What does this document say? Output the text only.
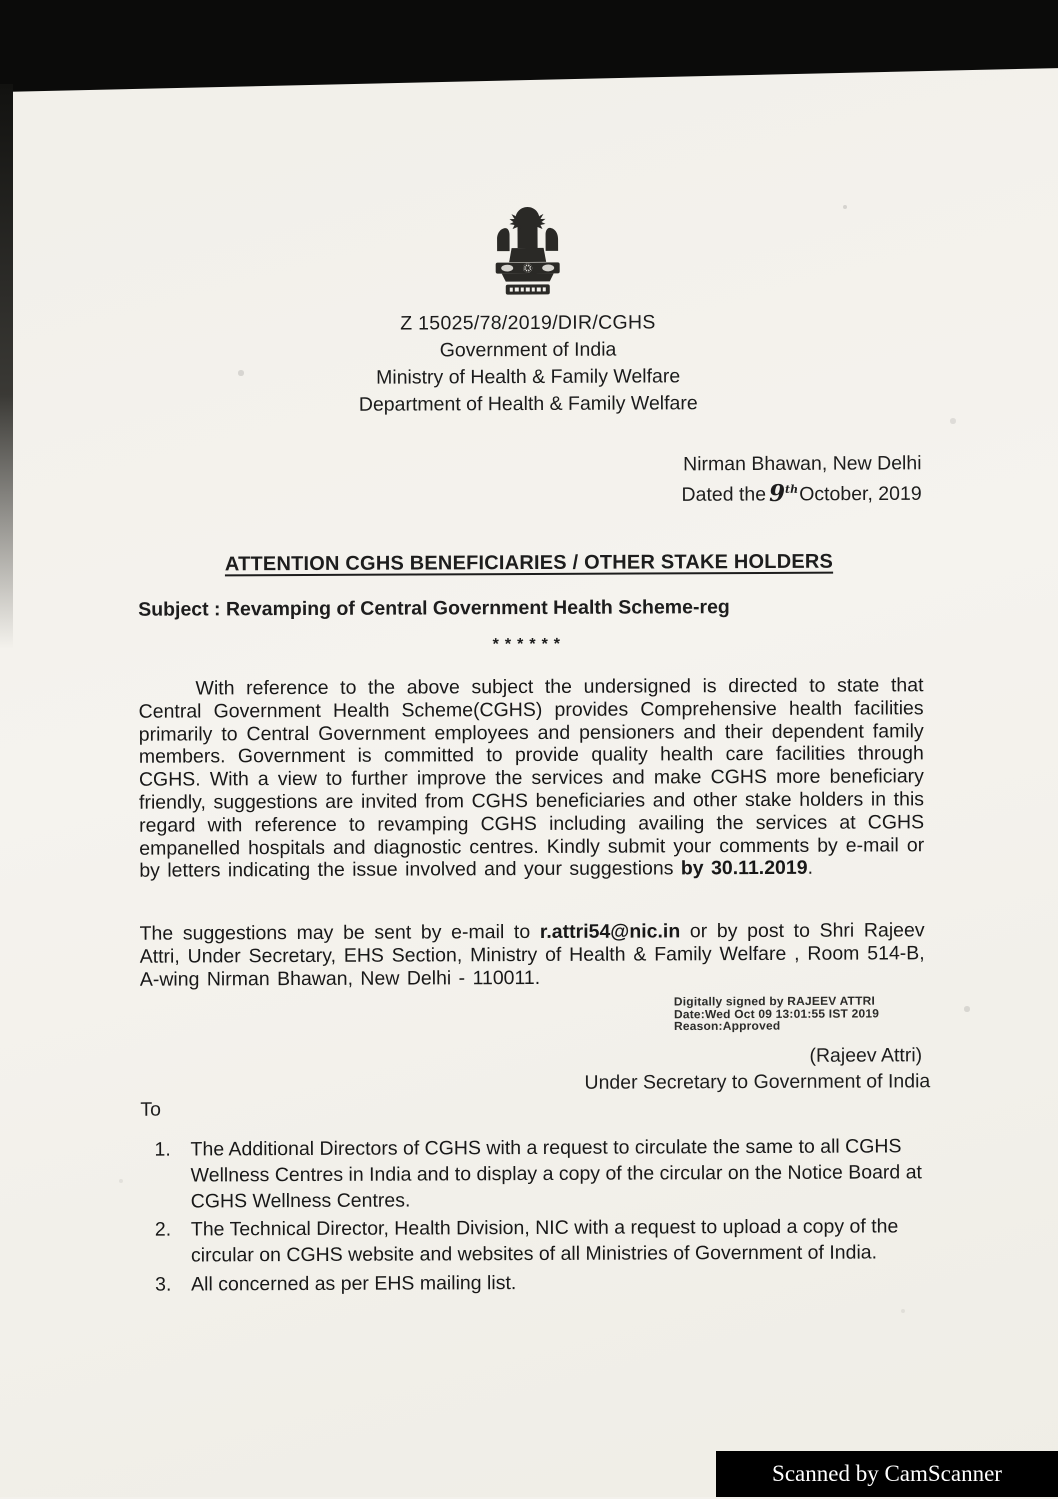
Z 15025/78/2019/DIR/CGHS
Government of India
Ministry of Health & Family Welfare
Department of Health & Family Welfare
Nirman Bhawan, New Delhi
Dated the 9thOctober, 2019
ATTENTION CGHS BENEFICIARIES / OTHER STAKE HOLDERS
Subject : Revamping of Central Government Health Scheme-reg
******
With reference to the above subject the undersigned is directed to state that Central Government Health Scheme(CGHS) provides Comprehensive health facilities primarily to Central Government employees and pensioners and their dependent family members. Government is committed to provide quality health care facilities through CGHS. With a view to further improve the services and make CGHS more beneficiary friendly, suggestions are invited from CGHS beneficiaries and other stake holders in this regard with reference to revamping CGHS including availing the services at CGHS empanelled hospitals and diagnostic centres. Kindly submit your comments by e-mail or by letters indicating the issue involved and your suggestions by 30.11.2019.
The suggestions may be sent by e-mail to r.attri54@nic.in or by post to Shri Rajeev Attri, Under Secretary, EHS Section, Ministry of Health & Family Welfare , Room 514-B, A-wing Nirman Bhawan, New Delhi - 110011.
Digitally signed by RAJEEV ATTRI
Date:Wed Oct 09 13:01:55 IST 2019
Reason:Approved
(Rajeev Attri)
Under Secretary to Government of India
To
1.	The Additional Directors of CGHS with a request to circulate the same to all CGHS Wellness Centres in India and to display a copy of the circular on the Notice Board at CGHS Wellness Centres.
2.	The Technical Director, Health Division, NIC with a request to upload a copy of the circular on CGHS website and websites of all Ministries of Government of India.
3.	All concerned as per EHS mailing list.
Scanned by CamScanner
